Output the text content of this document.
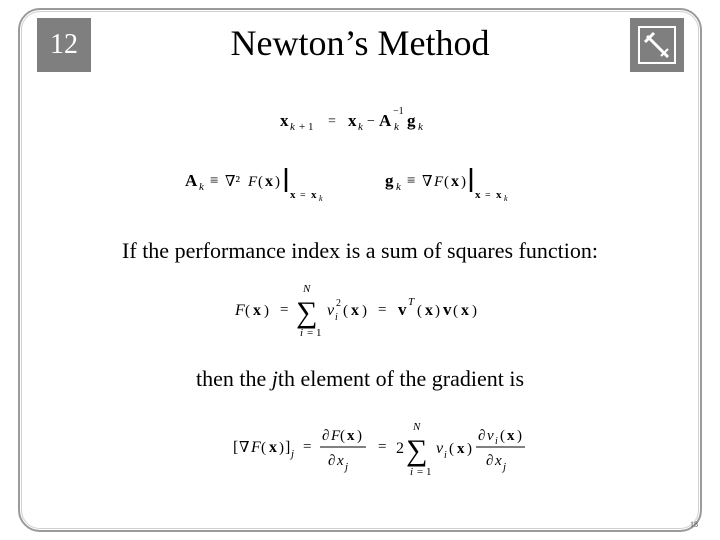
12	Newton’s Method
x k + 1 = x k − A −1
k g k
A k ≡ ∇² F ( x )
x = x k
g k ≡ ∇ F ( x )
x = x k
If the performance index is a sum of squares function:
F ( x ) =
N
∑
i = 1
v 2
i ( x ) = v T
( x ) v ( x )
then the jth element of the gradient is
[ ∇ F ( x ) ] j =
∂ F ( x )
∂ x j
= 2
N
∑
i = 1
v i ( x )
∂ v i ( x )
∂ x j
18
